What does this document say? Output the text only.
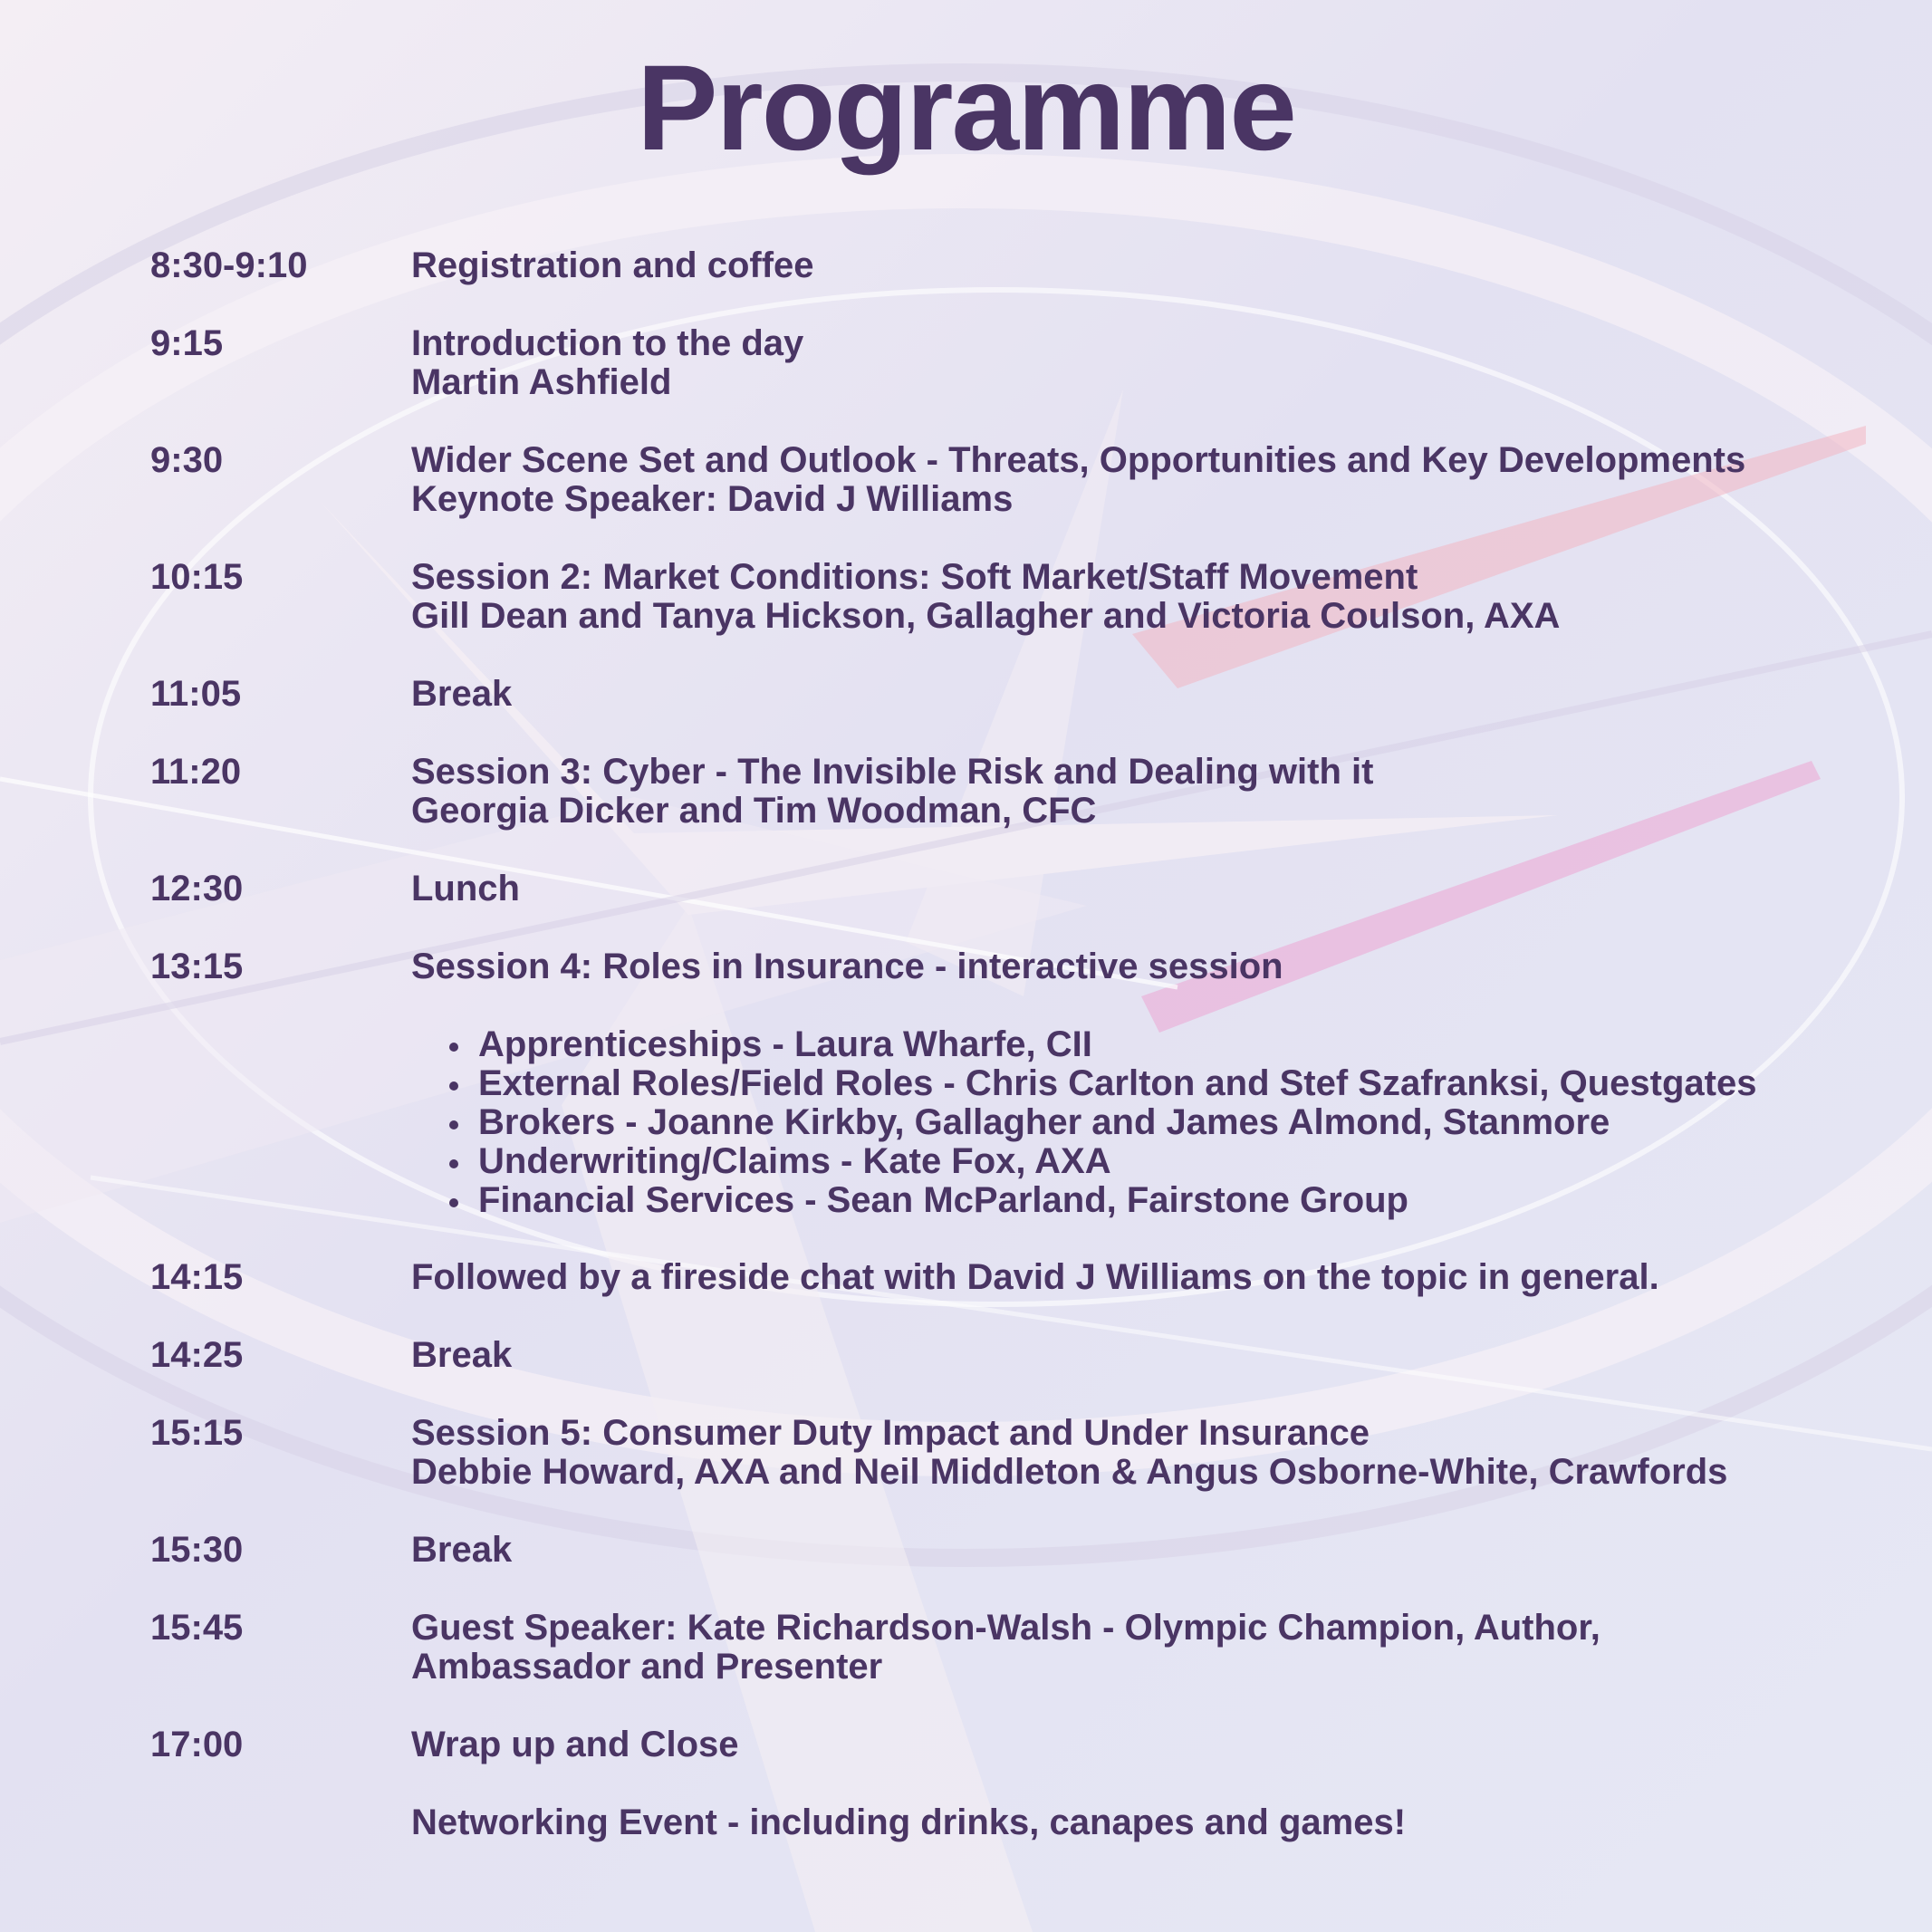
Programme
8:30-9:10	Registration and coffee
9:15	Introduction to the day
Martin Ashfield
9:30	Wider Scene Set and Outlook - Threats, Opportunities and Key Developments
Keynote Speaker: David J Williams
10:15	Session 2: Market Conditions: Soft Market/Staff Movement
Gill Dean and Tanya Hickson, Gallagher and Victoria Coulson, AXA
11:05	Break
11:20	Session 3: Cyber - The Invisible Risk and Dealing with it
Georgia Dicker and Tim Woodman, CFC
12:30	Lunch
13:15	Session 4: Roles in Insurance - interactive session
Apprenticeships - Laura Wharfe, CII
External Roles/Field Roles - Chris Carlton and Stef Szafranksi, Questgates
Brokers - Joanne Kirkby, Gallagher and James Almond, Stanmore
Underwriting/Claims - Kate Fox, AXA
Financial Services - Sean McParland, Fairstone Group
14:15	Followed by a fireside chat with David J Williams on the topic in general.
14:25	Break
15:15	Session 5: Consumer Duty Impact and Under Insurance
Debbie Howard, AXA and Neil Middleton & Angus Osborne-White, Crawfords
15:30	Break
15:45	Guest Speaker: Kate Richardson-Walsh - Olympic Champion, Author,
Ambassador and Presenter
17:00	Wrap up and Close
Networking Event - including drinks, canapes and games!
